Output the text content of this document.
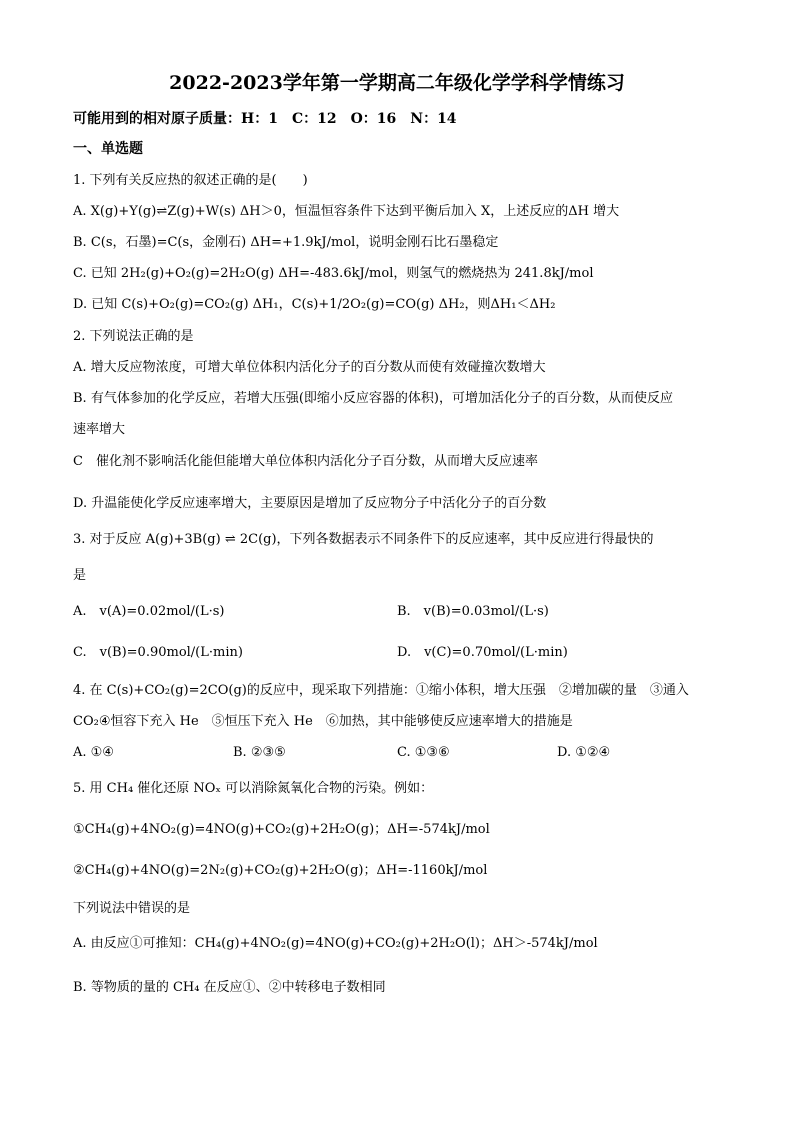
2022-2023学年第一学期高二年级化学学科学情练习
可能用到的相对原子质量：H：1　C：12　O：16　N：14
一、单选题
1. 下列有关反应热的叙述正确的是(　　)
A. X(g)+Y(g)⇌Z(g)+W(s) ΔH＞0，恒温恒容条件下达到平衡后加入 X，上述反应的ΔH 增大
B. C(s，石墨)=C(s，金刚石) ΔH=+1.9kJ/mol，说明金刚石比石墨稳定
C. 已知 2H₂(g)+O₂(g)=2H₂O(g) ΔH=-483.6kJ/mol，则氢气的燃烧热为 241.8kJ/mol
D. 已知 C(s)+O₂(g)=CO₂(g) ΔH₁，C(s)+1/2O₂(g)=CO(g) ΔH₂，则ΔH₁＜ΔH₂
2. 下列说法正确的是
A. 增大反应物浓度，可增大单位体积内活化分子的百分数从而使有效碰撞次数增大
B. 有气体参加的化学反应，若增大压强(即缩小反应容器的体积)，可增加活化分子的百分数，从而使反应
速率增大
C　催化剂不影响活化能但能增大单位体积内活化分子百分数，从而增大反应速率
D. 升温能使化学反应速率增大，主要原因是增加了反应物分子中活化分子的百分数
3. 对于反应 A(g)+3B(g) ⇌ 2C(g)，下列各数据表示不同条件下的反应速率，其中反应进行得最快的
是
A.　v(A)=0.02mol/(L·s)	B.　v(B)=0.03mol/(L·s)
C.　v(B)=0.90mol/(L·min)	D.　v(C)=0.70mol/(L·min)
4. 在 C(s)+CO₂(g)=2CO(g)的反应中，现采取下列措施：①缩小体积，增大压强　②增加碳的量　③通入
CO₂④恒容下充入 He　⑤恒压下充入 He　⑥加热，其中能够使反应速率增大的措施是
A. ①④	B. ②③⑤	C. ①③⑥	D. ①②④
5. 用 CH₄ 催化还原 NOₓ 可以消除氮氧化合物的污染。例如：
①CH₄(g)+4NO₂(g)=4NO(g)+CO₂(g)+2H₂O(g)；ΔH=-574kJ/mol
②CH₄(g)+4NO(g)=2N₂(g)+CO₂(g)+2H₂O(g)；ΔH=-1160kJ/mol
下列说法中错误的是
A. 由反应①可推知：CH₄(g)+4NO₂(g)=4NO(g)+CO₂(g)+2H₂O(l)；ΔH＞-574kJ/mol
B. 等物质的量的 CH₄ 在反应①、②中转移电子数相同
